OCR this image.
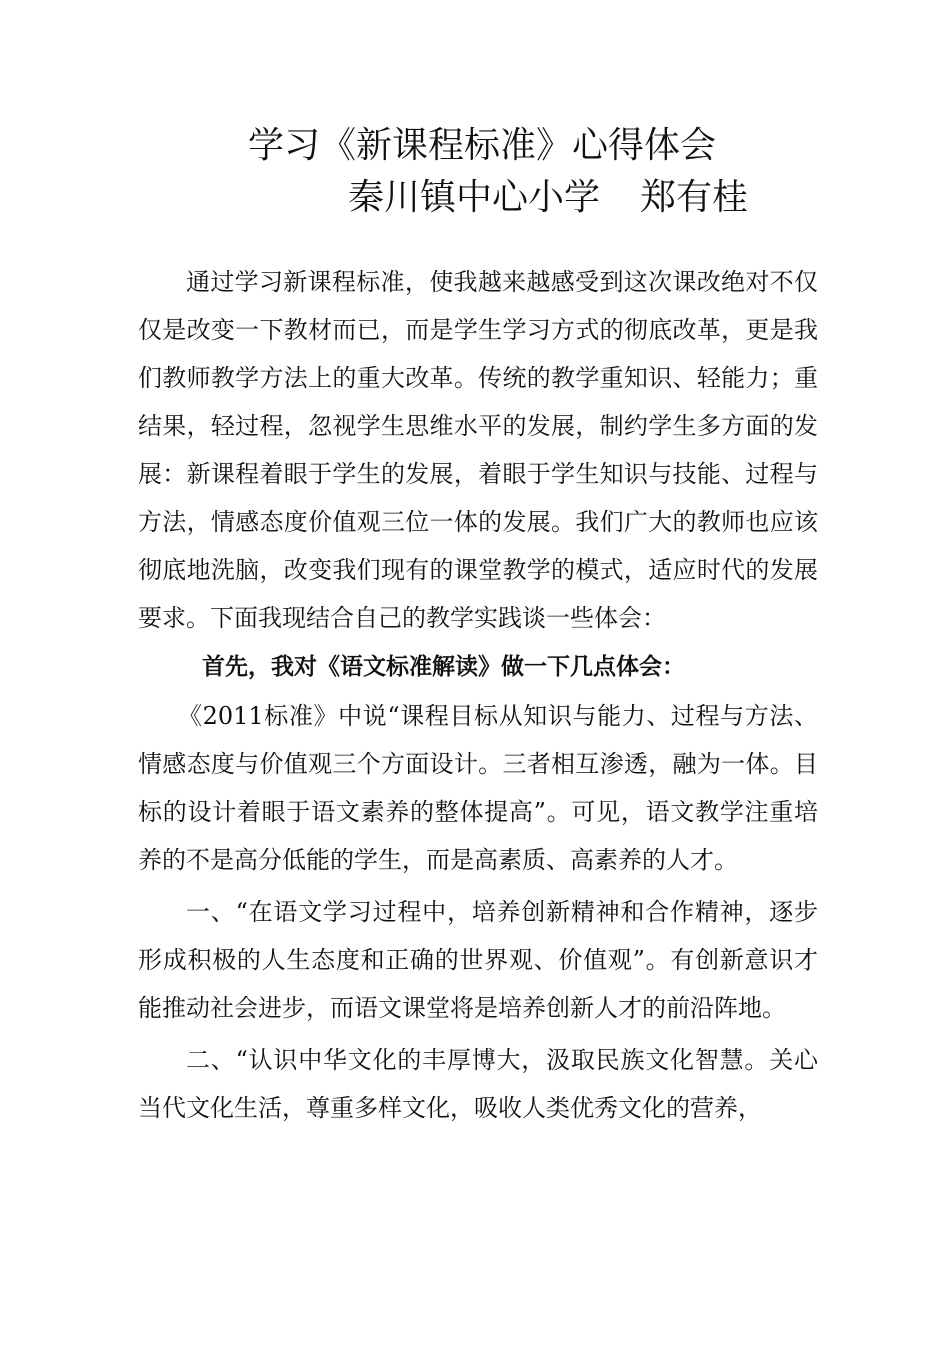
学习《新课程标准》心得体会
秦川镇中心小学 郑有桂

通过学习新课程标准，使我越来越感受到这次课改绝对不仅仅是改变一下教材而已，而是学生学习方式的彻底改革，更是我们教师教学方法上的重大改革。传统的教学重知识、轻能力；重结果，轻过程，忽视学生思维水平的发展，制约学生多方面的发展：新课程着眼于学生的发展，着眼于学生知识与技能、过程与方法，情感态度价值观三位一体的发展。我们广大的教师也应该彻底地洗脑，改变我们现有的课堂教学的模式，适应时代的发展要求。下面我现结合自己的教学实践谈一些体会：

首先，我对《语文标准解读》做一下几点体会：

《2011标准》中说“课程目标从知识与能力、过程与方法、情感态度与价值观三个方面设计。三者相互渗透，融为一体。目标的设计着眼于语文素养的整体提高”。可见，语文教学注重培养的不是高分低能的学生，而是高素质、高素养的人才。

一、“在语文学习过程中，培养创新精神和合作精神，逐步形成积极的人生态度和正确的世界观、价值观”。有创新意识才能推动社会进步，而语文课堂将是培养创新人才的前沿阵地。

二、“认识中华文化的丰厚博大，汲取民族文化智慧。关心当代文化生活，尊重多样文化，吸收人类优秀文化的营养，
